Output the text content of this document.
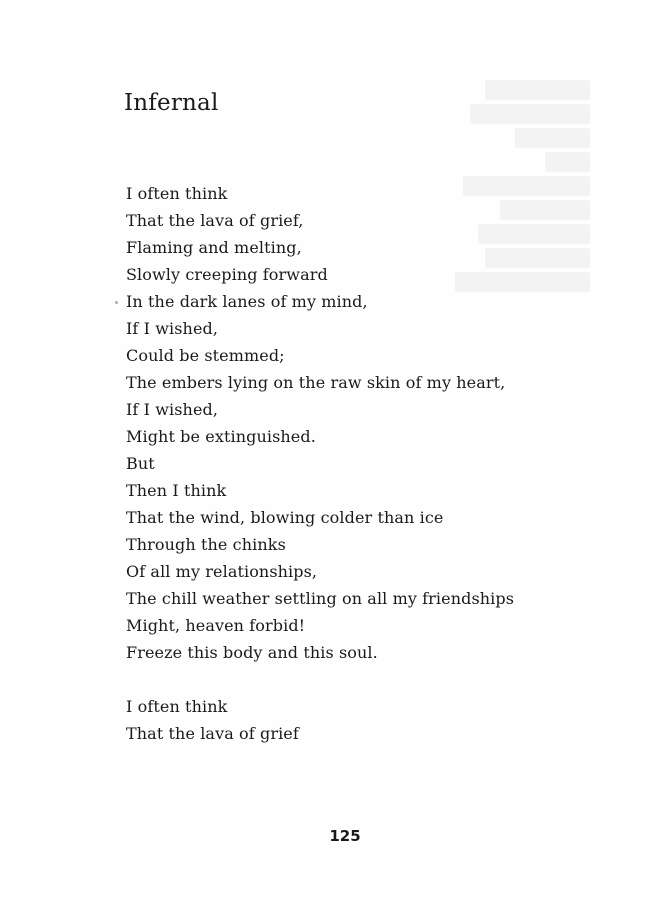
Infernal
I often think
That the lava of grief,
Flaming and melting,
Slowly creeping forward
In the dark lanes of my mind,
If I wished,
Could be stemmed;
The embers lying on the raw skin of my heart,
If I wished,
Might be extinguished.
But
Then I think
That the wind, blowing colder than ice
Through the chinks
Of all my relationships,
The chill weather settling on all my friendships
Might, heaven forbid!
Freeze this body and this soul.
I often think
That the lava of grief
125
